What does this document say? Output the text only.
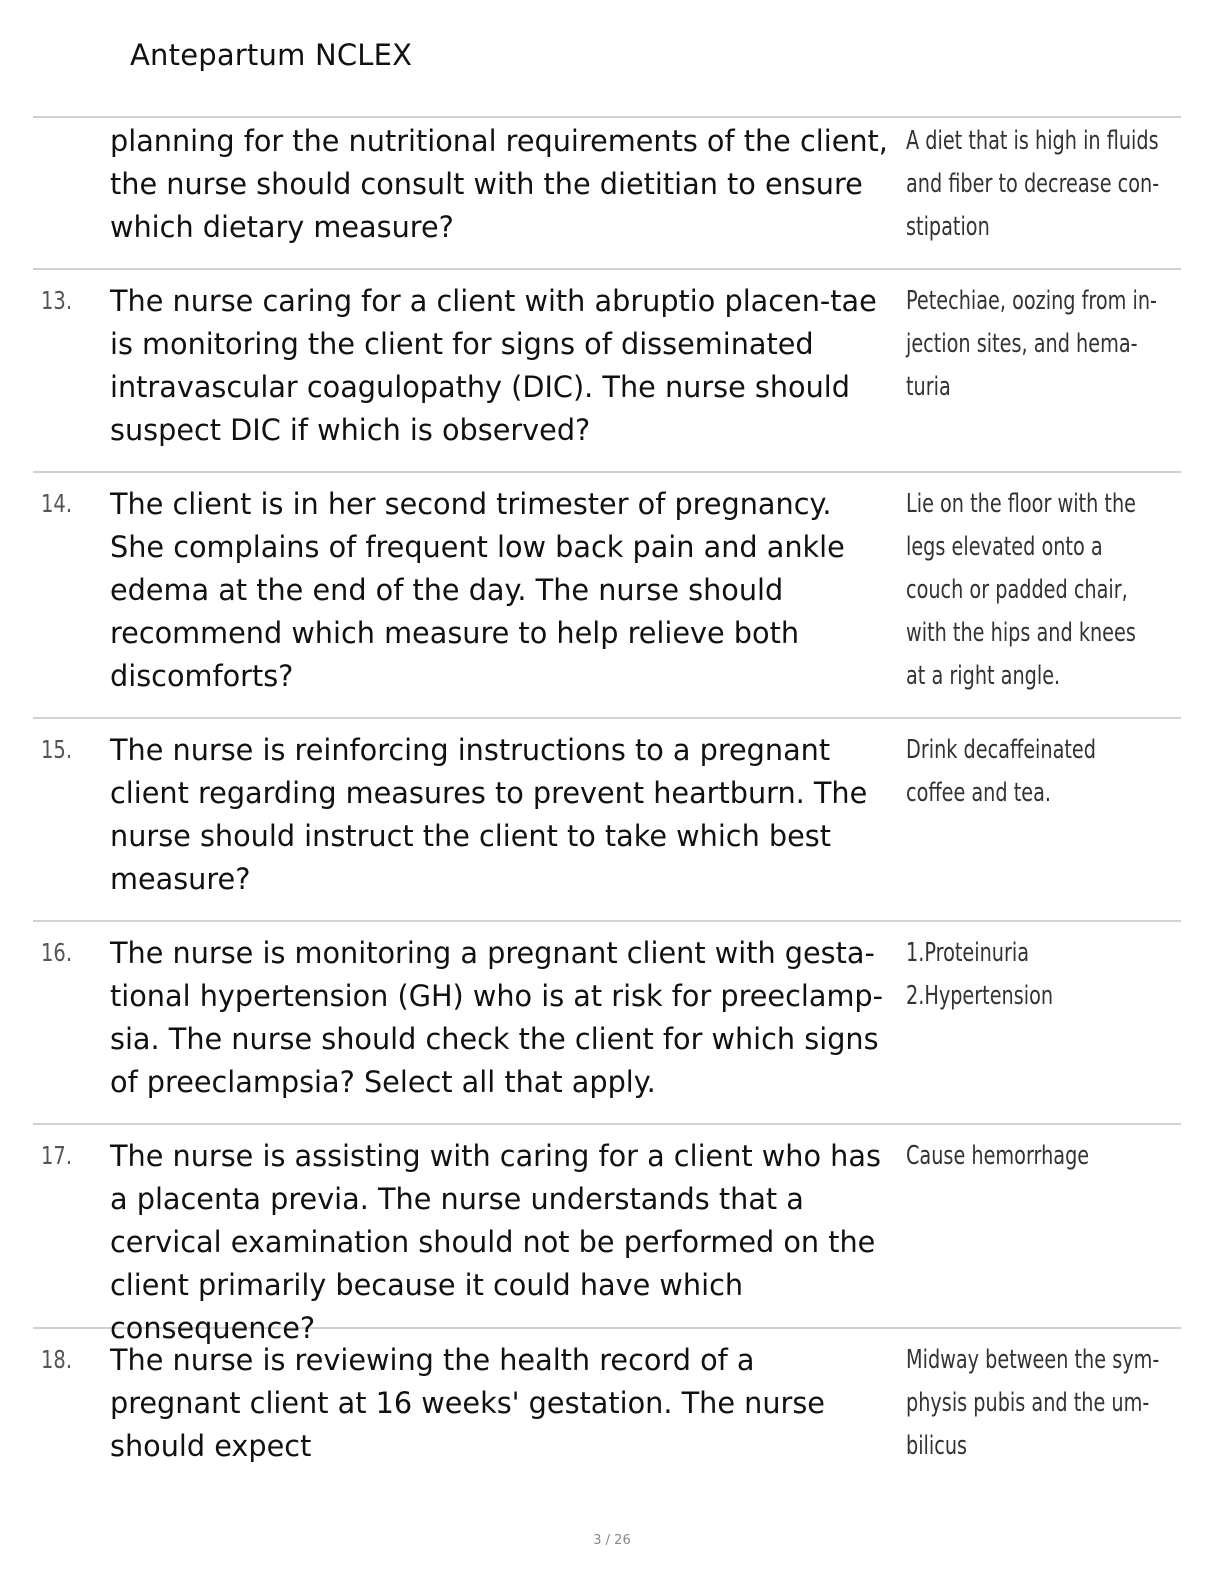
Antepartum NCLEX
planning for the nutritional requirements of the client, the nurse should consult with the dietitian to ensure which dietary measure?
A diet that is high in fluids and fiber to decrease con-stipation
13. The nurse caring for a client with abruptio placen-tae is monitoring the client for signs of disseminated intravascular coagulopathy (DIC). The nurse should suspect DIC if which is observed?
Petechiae, oozing from in-jection sites, and hema-turia
14. The client is in her second trimester of pregnancy. She complains of frequent low back pain and ankle edema at the end of the day. The nurse should recommend which measure to help relieve both discomforts?
Lie on the floor with the legs elevated onto a couch or padded chair, with the hips and knees at a right angle.
15. The nurse is reinforcing instructions to a pregnant client regarding measures to prevent heartburn. The nurse should instruct the client to take which best measure?
Drink decaffeinated coffee and tea.
16. The nurse is monitoring a pregnant client with gesta-tional hypertension (GH) who is at risk for preeclamp-sia. The nurse should check the client for which signs of preeclampsia? Select all that apply.
1.Proteinuria
2.Hypertension
17. The nurse is assisting with caring for a client who has a placenta previa. The nurse understands that a cervical examination should not be performed on the client primarily because it could have which consequence?
Cause hemorrhage
18. The nurse is reviewing the health record of a pregnant client at 16 weeks' gestation. The nurse should expect
Midway between the sym-physis pubis and the um-bilicus
3 / 26
